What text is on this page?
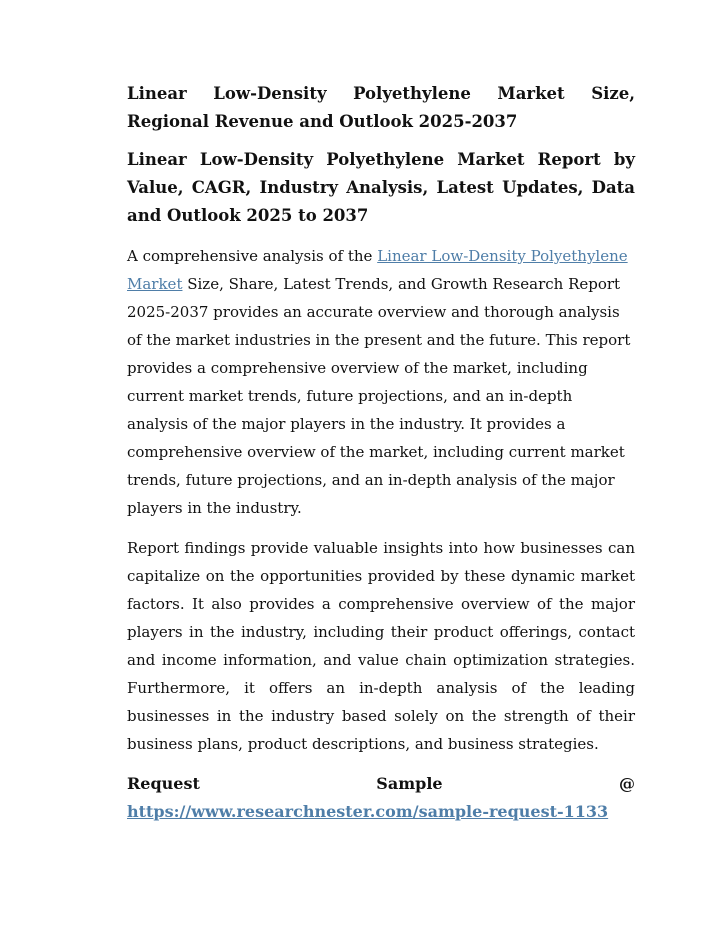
Linear Low-Density Polyethylene Market Size, Regional Revenue and Outlook 2025-2037
Linear Low-Density Polyethylene Market Report by Value, CAGR, Industry Analysis, Latest Updates, Data and Outlook 2025 to 2037
A comprehensive analysis of the Linear Low-Density Polyethylene Market Size, Share, Latest Trends, and Growth Research Report 2025-2037 provides an accurate overview and thorough analysis of the market industries in the present and the future. This report provides a comprehensive overview of the market, including current market trends, future projections, and an in-depth analysis of the major players in the industry. It provides a comprehensive overview of the market, including current market trends, future projections, and an in-depth analysis of the major players in the industry.
Report findings provide valuable insights into how businesses can capitalize on the opportunities provided by these dynamic market factors. It also provides a comprehensive overview of the major players in the industry, including their product offerings, contact and income information, and value chain optimization strategies. Furthermore, it offers an in-depth analysis of the leading businesses in the industry based solely on the strength of their business plans, product descriptions, and business strategies.
Request	Sample	@
https://www.researchnester.com/sample-request-1133
